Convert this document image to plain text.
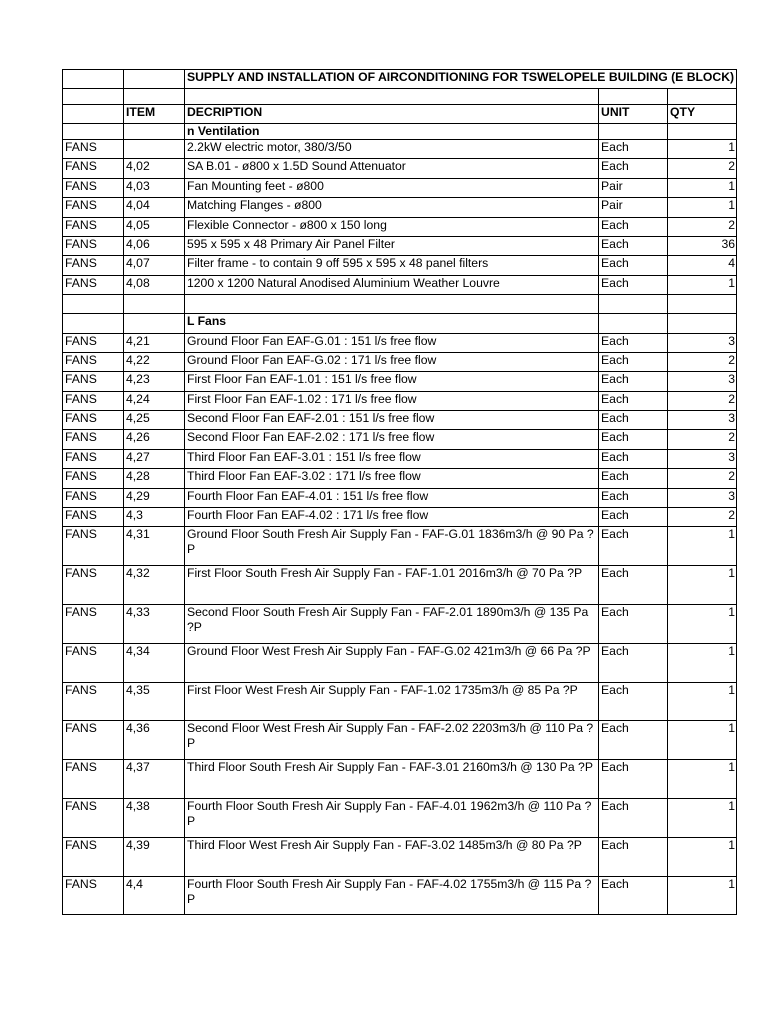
		SUPPLY AND INSTALLATION OF AIRCONDITIONING FOR TSWELOPELE BUILDING (E BLOCK)		

	ITEM	DECRIPTION	UNIT	QTY
		n Ventilation		
FANS		2.2kW electric motor, 380/3/50	Each	1
FANS	4,02	SA B.01 - ø800 x 1.5D Sound Attenuator	Each	2
FANS	4,03	Fan Mounting feet - ø800	Pair	1
FANS	4,04	Matching Flanges - ø800	Pair	1
FANS	4,05	Flexible Connector - ø800 x 150 long	Each	2
FANS	4,06	595 x 595 x 48 Primary Air Panel Filter	Each	36
FANS	4,07	Filter frame - to contain 9 off 595 x 595 x 48 panel filters	Each	4
FANS	4,08	1200 x 1200 Natural Anodised Aluminium Weather Louvre	Each	1

		L Fans		
FANS	4,21	Ground Floor Fan EAF-G.01 : 151 l/s free flow	Each	3
FANS	4,22	Ground Floor Fan EAF-G.02 : 171 l/s free flow	Each	2
FANS	4,23	First Floor Fan EAF-1.01 : 151 l/s free flow	Each	3
FANS	4,24	First Floor Fan EAF-1.02 : 171 l/s free flow	Each	2
FANS	4,25	Second Floor Fan EAF-2.01 : 151 l/s free flow	Each	3
FANS	4,26	Second Floor Fan EAF-2.02 : 171 l/s free flow	Each	2
FANS	4,27	Third Floor Fan EAF-3.01 : 151 l/s free flow	Each	3
FANS	4,28	Third Floor Fan EAF-3.02 : 171 l/s free flow	Each	2
FANS	4,29	Fourth Floor Fan EAF-4.01 : 151 l/s free flow	Each	3
FANS	4,3	Fourth Floor Fan EAF-4.02 : 171 l/s free flow	Each	2
FANS	4,31	Ground Floor South Fresh Air Supply Fan - FAF-G.01 1836m3/h @ 90 Pa ?P	Each	1
FANS	4,32	First Floor South Fresh Air Supply Fan - FAF-1.01 2016m3/h @ 70 Pa ?P	Each	1
FANS	4,33	Second Floor South Fresh Air Supply Fan - FAF-2.01 1890m3/h @ 135 Pa ?P	Each	1
FANS	4,34	Ground Floor West Fresh Air Supply Fan - FAF-G.02 421m3/h @ 66 Pa ?P	Each	1
FANS	4,35	First Floor West Fresh Air Supply Fan - FAF-1.02 1735m3/h @ 85 Pa ?P	Each	1
FANS	4,36	Second Floor West Fresh Air Supply Fan - FAF-2.02 2203m3/h @ 110 Pa ?P	Each	1
FANS	4,37	Third Floor South Fresh Air Supply Fan - FAF-3.01 2160m3/h @ 130 Pa ?P	Each	1
FANS	4,38	Fourth Floor South Fresh Air Supply Fan - FAF-4.01 1962m3/h @ 110 Pa ?P	Each	1
FANS	4,39	Third Floor West Fresh Air Supply Fan - FAF-3.02 1485m3/h @ 80 Pa ?P	Each	1
FANS	4,4	Fourth Floor South Fresh Air Supply Fan - FAF-4.02 1755m3/h @ 115 Pa ?P	Each	1
